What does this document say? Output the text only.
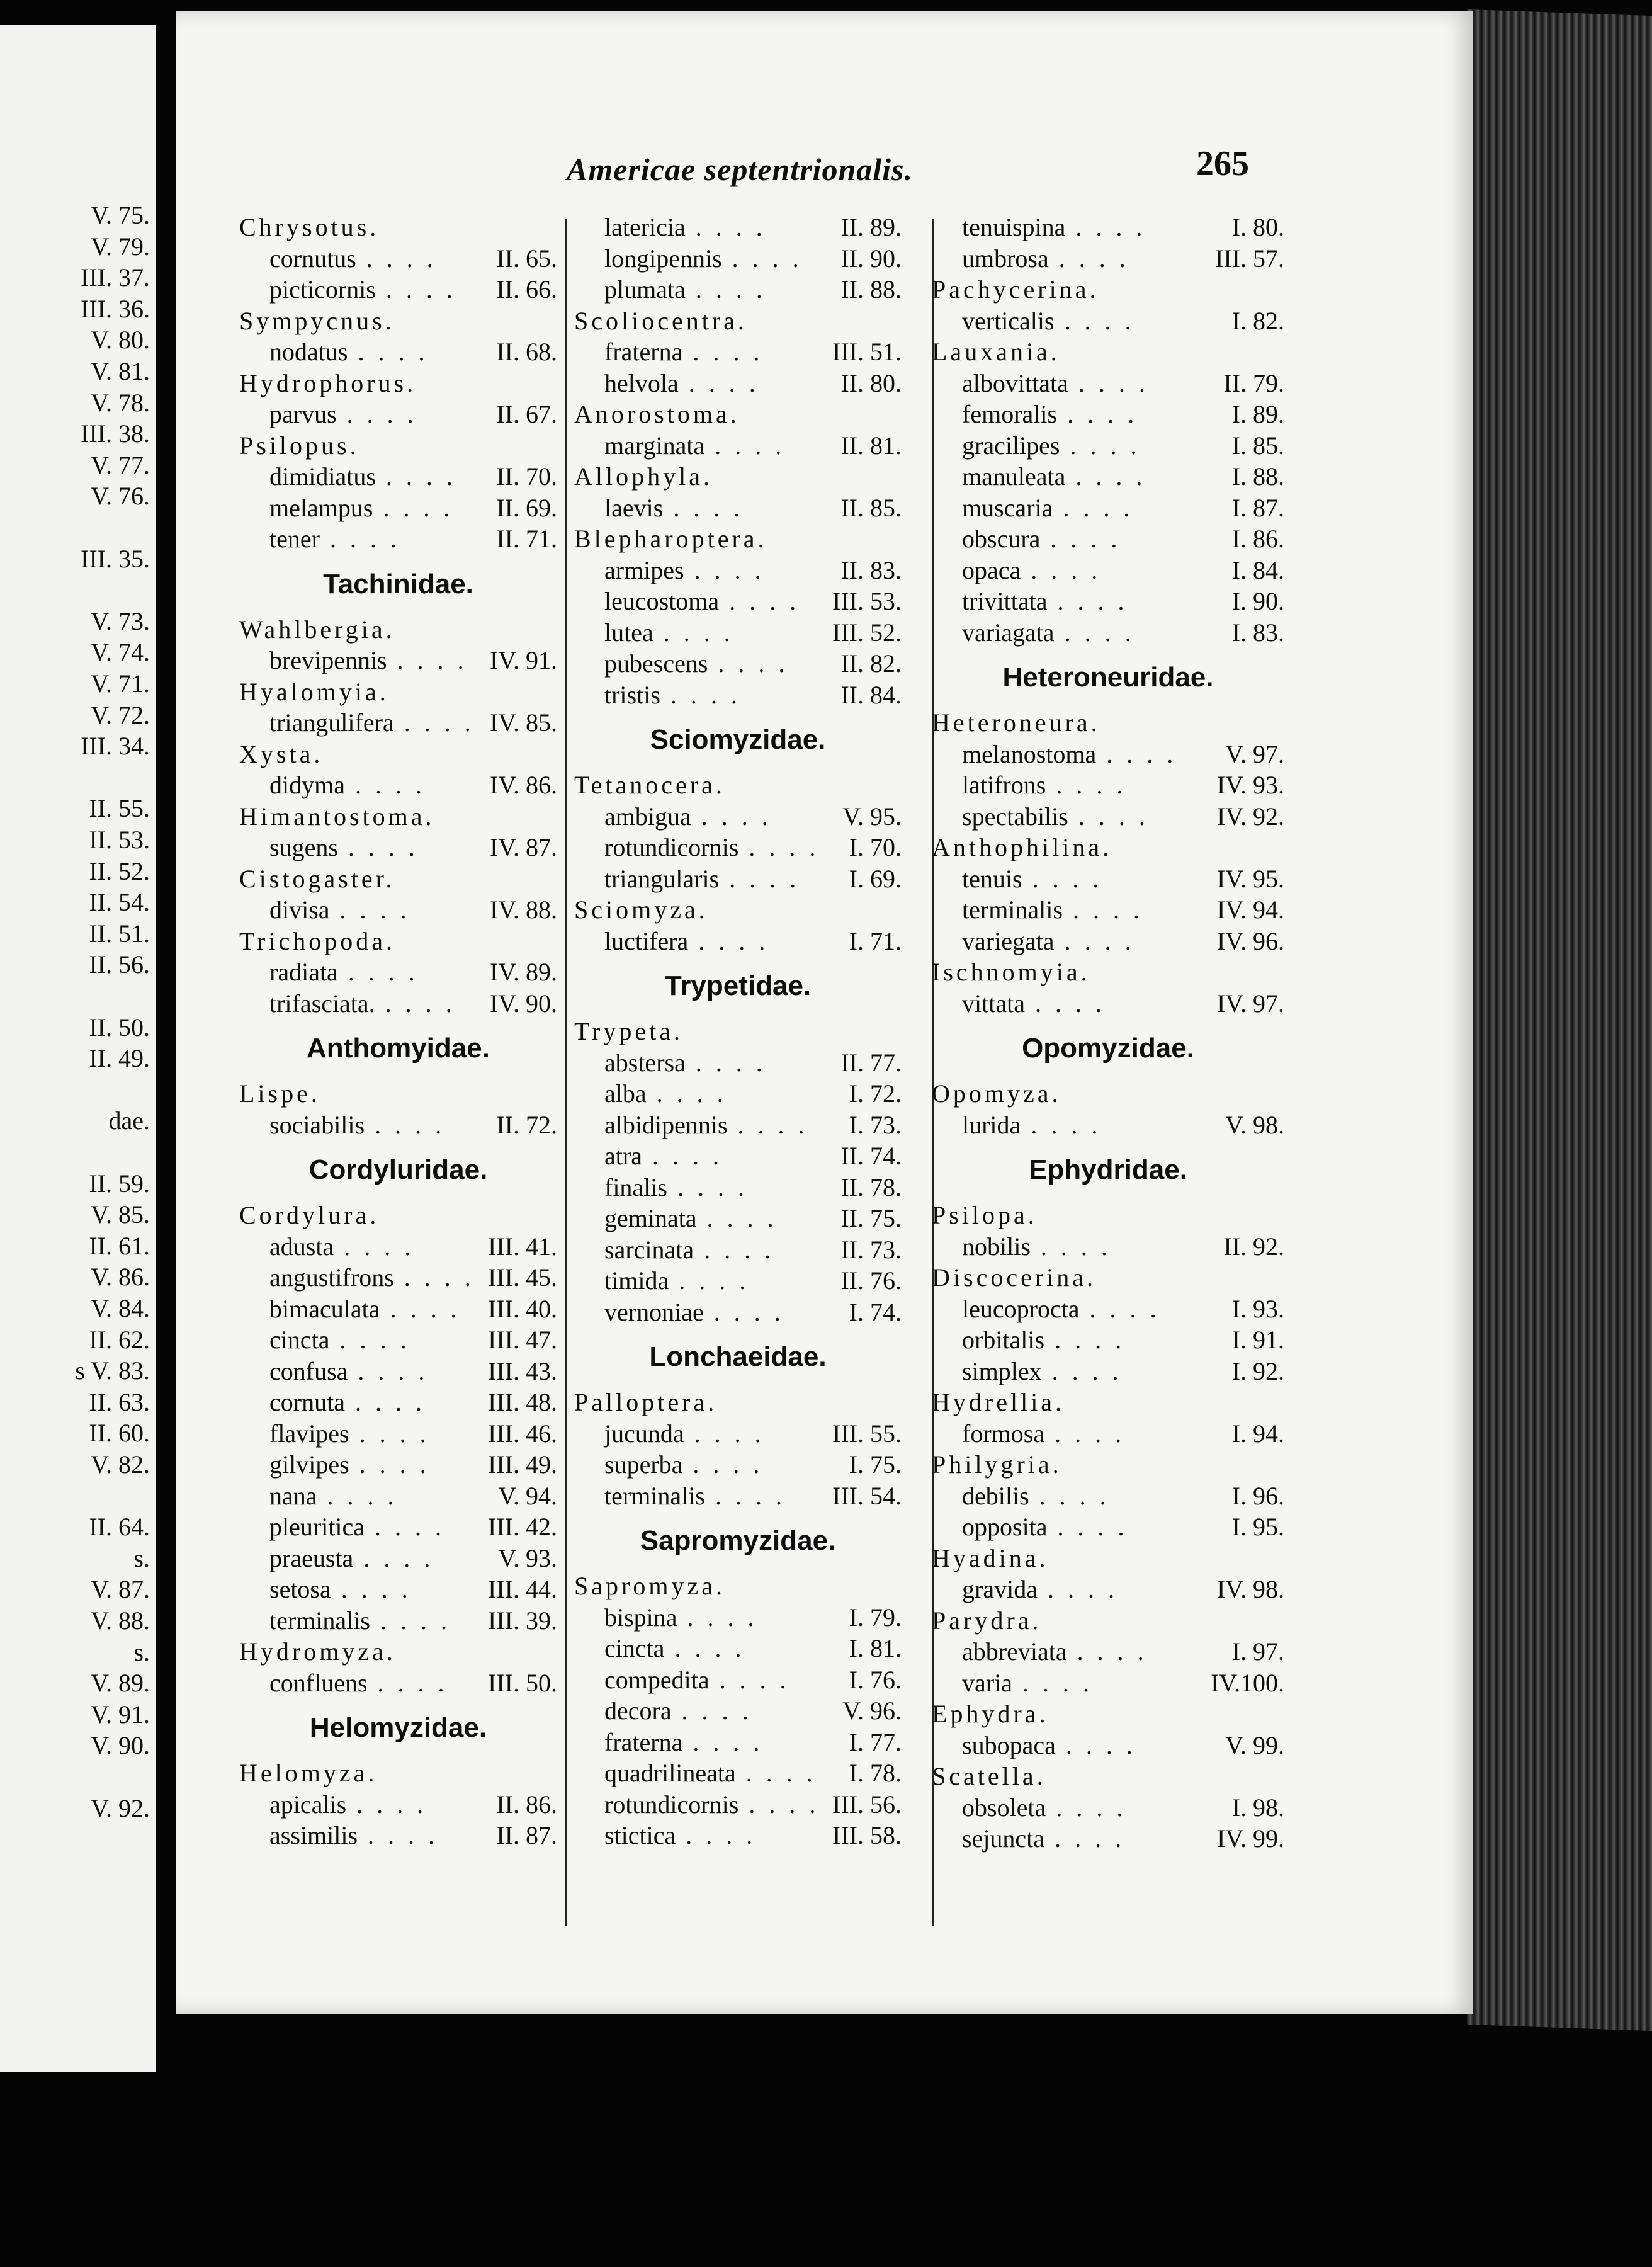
V. 75.
V. 79.
III. 37.
III. 36.
V. 80.
V. 81.
V. 78.
III. 38.
V. 77.
V. 76.
III. 35.
V. 73.
V. 74.
V. 71.
V. 72.
III. 34.
II. 55.
II. 53.
II. 52.
II. 54.
II. 51.
II. 56.
II. 50.
II. 49.
dae.
II. 59.
V. 85.
II. 61.
V. 86.
V. 84.
II. 62.
s V. 83.
II. 63.
II. 60.
V. 82.
II. 64.
s.
V. 87.
V. 88.
s.
V. 89.
V. 91.
V. 90.
V. 92.
Americae septentrionalis.	265
Chrysotus.
cornutus . . . . II. 65.
picticornis . . . . II. 66.
Sympycnus.
nodatus . . . .	II. 68.
Hydrophorus.
parvus . . . .	II. 67.
Psilopus.
dimidiatus . . . . II. 70.
melampus . . . . II. 69.
tener . . . .	II. 71.
Tachinidae.
Wahlbergia.
brevipennis . . . . IV. 91.
Hyalomyia.
triangulifera . . . . IV. 85.
Xysta.
didyma . . . .	IV. 86.
Himantostoma.
sugens . . . .	IV. 87.
Cistogaster.
divisa . . . .	IV. 88.
Trichopoda.
radiata . . . .	IV. 89.
trifasciata. . . . . IV. 90.
Anthomyidae.
Lispe.
sociabilis . . . . II. 72.
Cordyluridae.
Cordylura.
adusta . . . .	III. 41.
angustifrons . . . . III. 45.
bimaculata . . . . III. 40.
cincta . . . .	III. 47.
confusa . . . . III. 43.
cornuta . . . . III. 48.
flavipes . . . . III. 46.
gilvipes . . . . III. 49.
nana . . . .	V. 94.
pleuritica . . . . III. 42.
praeusta . . . .	V. 93.
setosa . . . .	III. 44.
terminalis . . . . III. 39.
Hydromyza.
confluens . . . . III. 50.
Helomyzidae.
Helomyza.
apicalis . . . .	II. 86.
assimilis . . . . II. 87.
latericia . . . .	II. 89.
longipennis . . . . II. 90.
plumata . . . .	II. 88.
Scoliocentra.
fraterna . . . .	III. 51.
helvola . . . .	II. 80.
Anorostoma.
marginata . . . . II. 81.
Allophyla.
laevis . . . .	II. 85.
Blepharoptera.
armipes . . . .	II. 83.
leucostoma . . . . III. 53.
lutea . . . .	III. 52.
pubescens . . . . II. 82.
tristis . . . .	II. 84.
Sciomyzidae.
Tetanocera.
ambigua . . . .	V. 95.
rotundicornis . . . . I. 70.
triangularis . . . . I. 69.
Sciomyza.
luctifera . . . .	I. 71.
Trypetidae.
Trypeta.
abstersa . . . .	II. 77.
alba . . . .	I. 72.
albidipennis . . . . I. 73.
atra . . . .	II. 74.
finalis . . . .	II. 78.
geminata . . . .	II. 75.
sarcinata . . . .	II. 73.
timida . . . .	II. 76.
vernoniae . . . .	I. 74.
Lonchaeidae.
Palloptera.
jucunda . . . .	III. 55.
superba . . . .	I. 75.
terminalis . . . . III. 54.
Sapromyzidae.
Sapromyza.
bispina . . . .	I. 79.
cincta . . . .	I. 81.
compedita . . . . I. 76.
decora . . . .	V. 96.
fraterna . . . .	I. 77.
quadrilineata . . . . I. 78.
rotundicornis . . . . III. 56.
stictica . . . .	III. 58.
tenuispina . . . .	I. 80.
umbrosa . . . .	III. 57.
Pachycerina.
verticalis . . . .	I. 82.
Lauxania.
albovittata . . . .	II. 79.
femoralis . . . .	I. 89.
gracilipes . . . .	I. 85.
manuleata . . . .	I. 88.
muscaria . . . .	I. 87.
obscura . . . .	I. 86.
opaca . . . .	I. 84.
trivittata . . . .	I. 90.
variagata . . . .	I. 83.
Heteroneuridae.
Heteroneura.
melanostoma . . . . V. 97.
latifrons . . . .	IV. 93.
spectabilis . . . .	IV. 92.
Anthophilina.
tenuis . . . .	IV. 95.
terminalis . . . .	IV. 94.
variegata . . . .	IV. 96.
Ischnomyia.
vittata . . . .	IV. 97.
Opomyzidae.
Opomyza.
lurida . . . .	V. 98.
Ephydridae.
Psilopa.
nobilis . . . .	II. 92.
Discocerina.
leucoprocta . . . .	I. 93.
orbitalis . . . .	I. 91.
simplex . . . .	I. 92.
Hydrellia.
formosa . . . .	I. 94.
Philygria.
debilis . . . .	I. 96.
opposita . . . .	I. 95.
Hyadina.
gravida . . . .	IV. 98.
Parydra.
abbreviata . . . .	I. 97.
varia . . . .	IV.100.
Ephydra.
subopaca . . . .	V. 99.
Scatella.
obsoleta . . . .	I. 98.
sejuncta . . . .	IV. 99.
